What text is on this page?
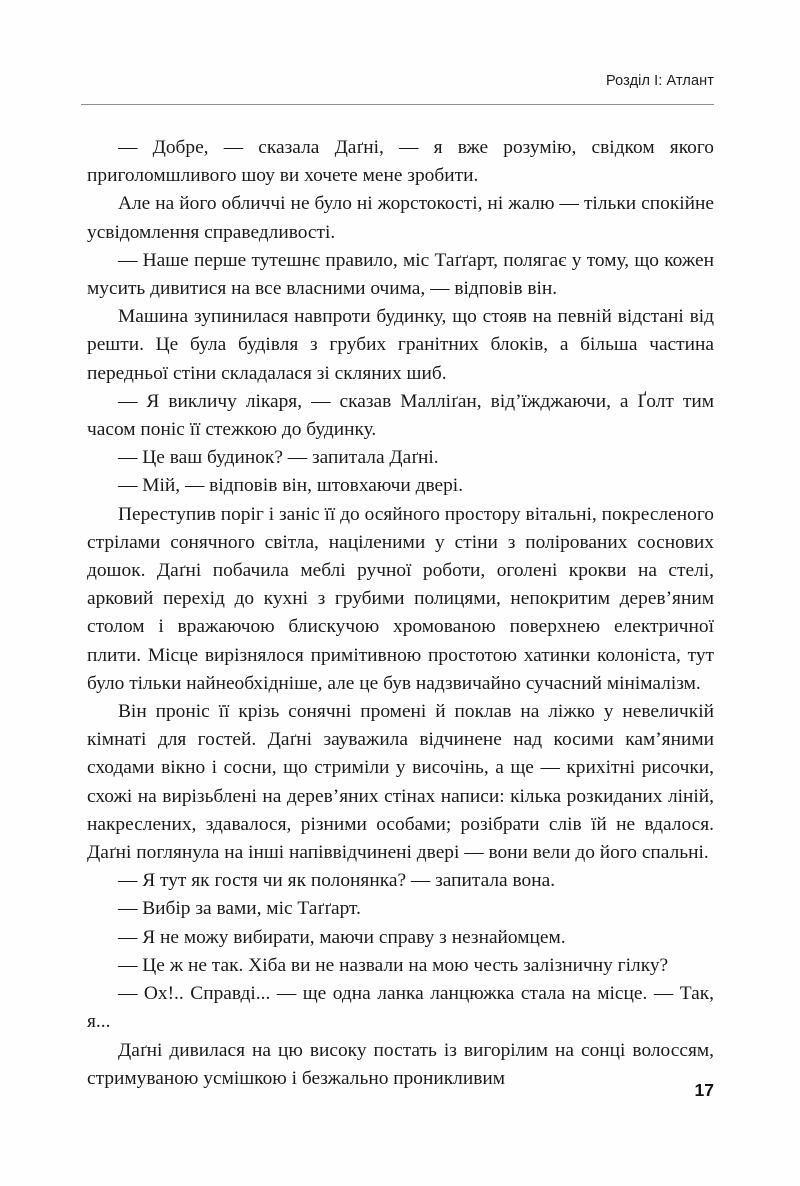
Розділ I: Атлант

— Добре, — сказала Даґні, — я вже розумію, свідком якого приголомшливого шоу ви хочете мене зробити.

Але на його обличчі не було ні жорстокості, ні жалю — тільки спокійне усвідомлення справедливості.

— Наше перше тутешнє правило, міс Таґґарт, полягає у тому, що кожен мусить дивитися на все власними очима, — відповів він.

Машина зупинилася навпроти будинку, що стояв на певній відстані від решти. Це була будівля з грубих гранітних блоків, а більша частина передньої стіни складалася зі скляних шиб.

— Я викличу лікаря, — сказав Малліґан, від’їжджаючи, а Ґолт тим часом поніс її стежкою до будинку.

— Це ваш будинок? — запитала Даґні.

— Мій, — відповів він, штовхаючи двері.

Переступив поріг і заніс її до осяйного простору вітальні, покресленого стрілами сонячного світла, націленими у стіни з полірованих соснових дошок. Даґні побачила меблі ручної роботи, оголені крокви на стелі, арковий перехід до кухні з грубими полицями, непокритим дерев’яним столом і вражаючою блискучою хромованою поверхнею електричної плити. Місце вирізнялося примітивною простотою хатинки колоніста, тут було тільки найнеобхідніше, але це був надзвичайно сучасний мінімалізм.

Він проніс її крізь сонячні промені й поклав на ліжко у невеличкій кімнаті для гостей. Даґні зауважила відчинене над косими кам’яними сходами вікно і сосни, що стриміли у височінь, а ще — крихітні рисочки, схожі на вирізьблені на дерев’яних стінах написи: кілька розкиданих ліній, накреслених, здавалося, різними особами; розібрати слів їй не вдалося. Даґні поглянула на інші напіввідчинені двері — вони вели до його спальні.

— Я тут як гостя чи як полонянка? — запитала вона.

— Вибір за вами, міс Таґґарт.

— Я не можу вибирати, маючи справу з незнайомцем.

— Це ж не так. Хіба ви не назвали на мою честь залізничну гілку?

— Ох!.. Справді... — ще одна ланка ланцюжка стала на місце. — Так, я...

Даґні дивилася на цю високу постать із вигорілим на сонці волоссям, стримуваною усмішкою і безжально проникливим

17
